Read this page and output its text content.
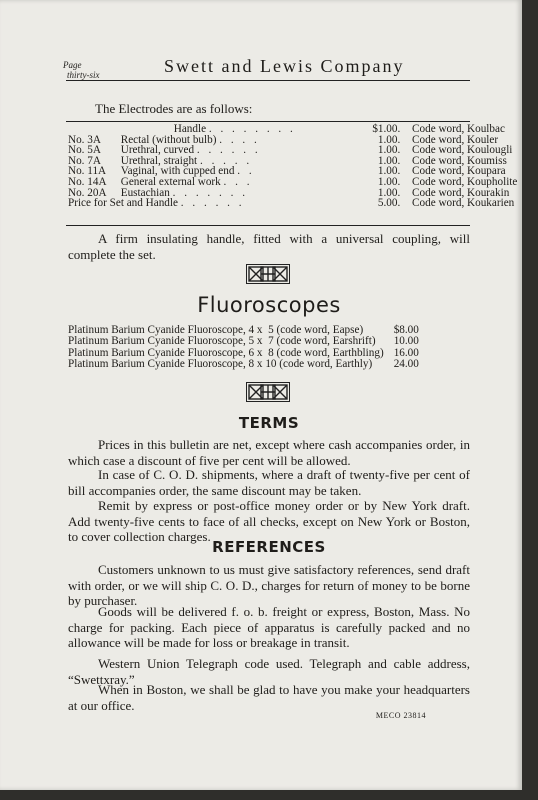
Page
thirty-six	Swett and Lewis Company
The Electrodes are as follows:
	Handle . . . . . . . .	$1.00.		Code word, Koulbac
No. 3A	Rectal (without bulb) . . . .	1.00.		Code word, Kouler
No. 5A	Urethral, curved . . . . . .	1.00.		Code word, Koulougli
No. 7A	Urethral, straight . . . . .	1.00.		Code word, Koumiss
No. 11A	Vaginal, with cupped end . .	1.00.		Code word, Koupara
No. 14A	General external work . . .	1.00.		Code word, Koupholite
No. 20A	Eustachian . . . . . . .	1.00.		Code word, Kourakin
Price for Set and Handle . . . . . .		5.00.		Code word, Koukarien
A firm insulating handle, fitted with a universal coupling, will complete the set.
Fluoroscopes
Platinum Barium Cyanide Fluoroscope, 4 x  5 (code word, Eapse)	$8.00
Platinum Barium Cyanide Fluoroscope, 5 x  7 (code word, Earshrift)	10.00
Platinum Barium Cyanide Fluoroscope, 6 x  8 (code word, Earthbling)	16.00
Platinum Barium Cyanide Fluoroscope, 8 x 10 (code word, Earthly)	24.00
TERMS
Prices in this bulletin are net, except where cash accompanies order, in which case a discount of five per cent will be allowed.
In case of C. O. D. shipments, where a draft of twenty-five per cent of bill accompanies order, the same discount may be taken.
Remit by express or post-office money order or by New York draft. Add twenty-five cents to face of all checks, except on New York or Boston, to cover collection charges.
REFERENCES
Customers unknown to us must give satisfactory references, send draft with order, or we will ship C. O. D., charges for return of money to be borne by purchaser.
Goods will be delivered f. o. b. freight or express, Boston, Mass. No charge for packing. Each piece of apparatus is carefully packed and no allowance will be made for loss or breakage in transit.
Western Union Telegraph code used. Telegraph and cable address, “Swettxray.”
When in Boston, we shall be glad to have you make your headquarters at our office.
MECO 23814
